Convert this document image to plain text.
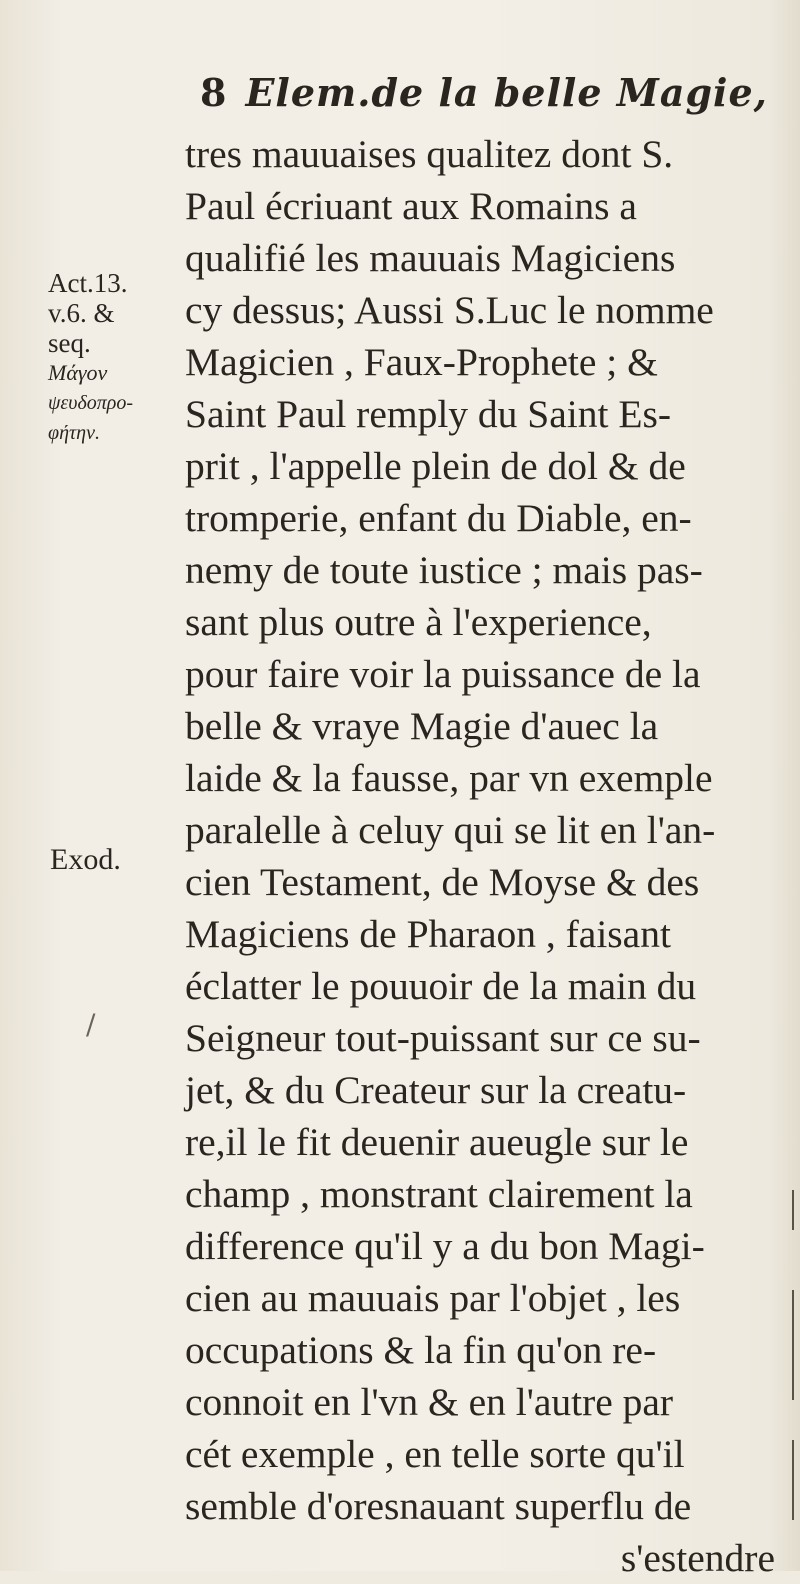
8 Elem.de la belle Magie,
Act.13.
v.6. &
seq.
Μάγον
ψευδοπρο-
φήτην.
Exod.
/
tres mauuaises qualitez dont S.
Paul écriuant aux Romains a
qualifié les mauuais Magiciens
cy dessus; Aussi S.Luc le nomme
Magicien , Faux-Prophete ; &
Saint Paul remply du Saint Es-
prit , l'appelle plein de dol & de
tromperie, enfant du Diable, en-
nemy de toute iustice ; mais pas-
sant plus outre à l'experience,
pour faire voir la puissance de la
belle & vraye Magie d'auec la
laide & la fausse, par vn exemple
paralelle à celuy qui se lit en l'an-
cien Testament, de Moyse & des
Magiciens de Pharaon , faisant
éclatter le pouuoir de la main du
Seigneur tout-puissant sur ce su-
jet, & du Createur sur la creatu-
re,il le fit deuenir aueugle sur le
champ , monstrant clairement la
difference qu'il y a du bon Magi-
cien au mauuais par l'objet , les
occupations & la fin qu'on re-
connoit en l'vn & en l'autre par
cét exemple , en telle sorte qu'il
semble d'oresnauant superflu de
s'estendre
